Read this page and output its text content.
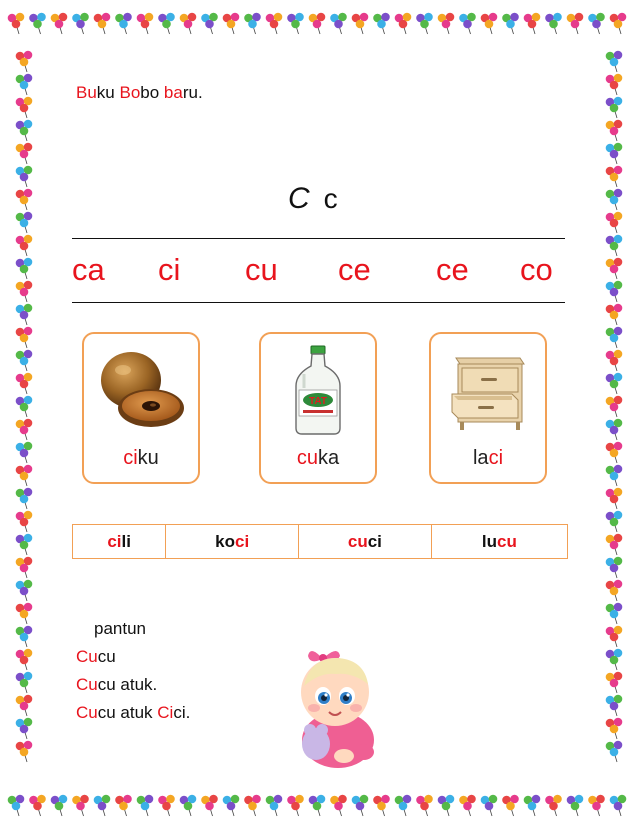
Buku Bobo baru.
C c
ca ci cu ce ce co
ciku
TAT
cuka	laci
cili	koci	cuci	lucu
pantun
Cucu
Cucu atuk.
Cucu atuk Cici.
